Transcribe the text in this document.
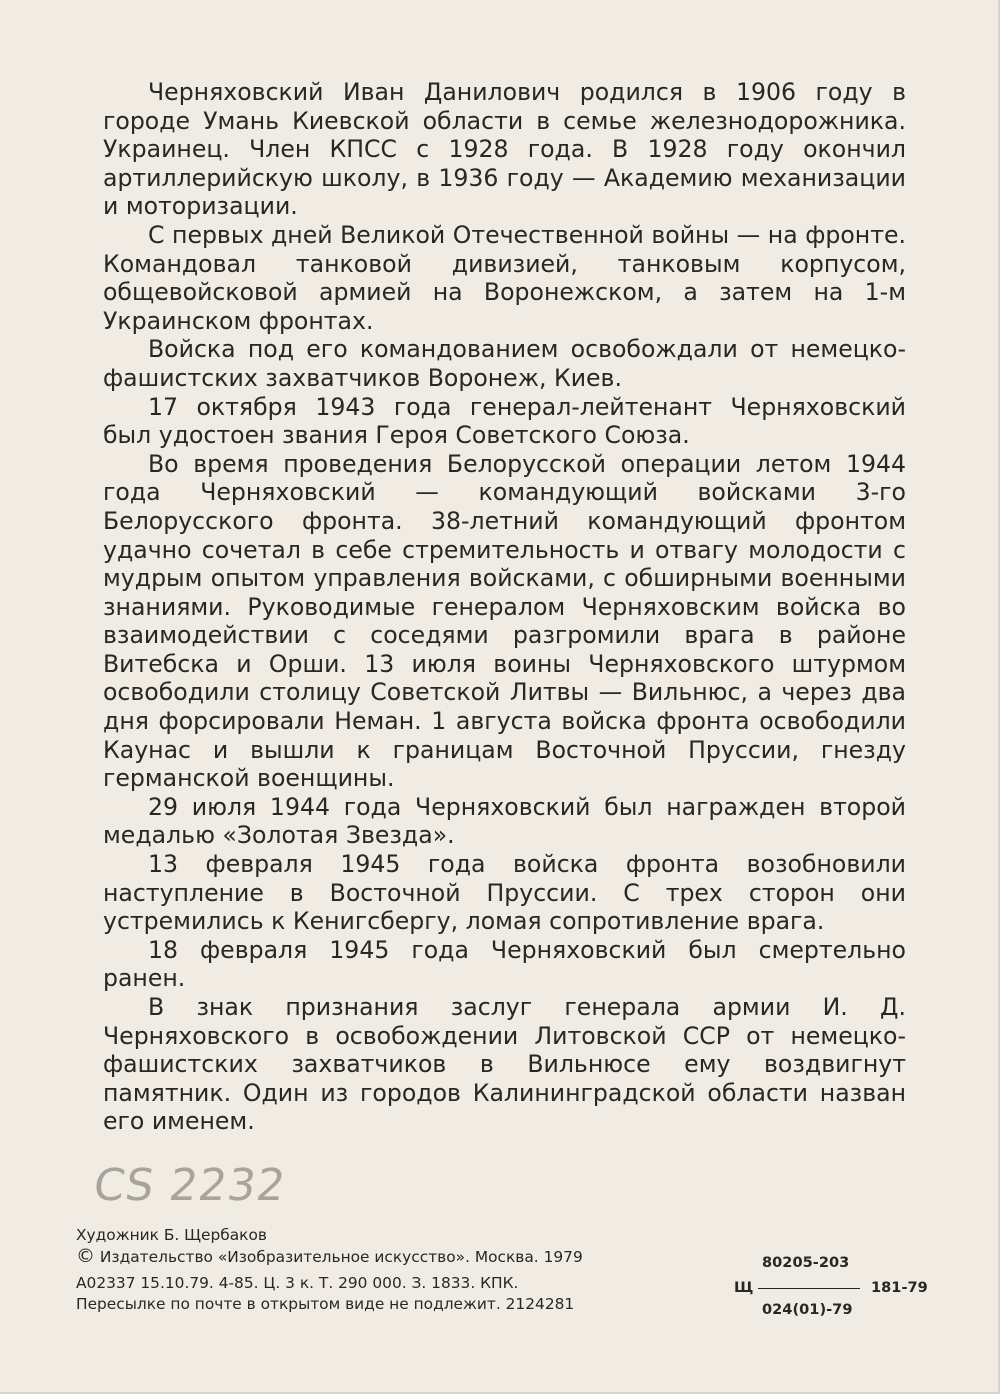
Черняховский Иван Данилович родился в 1906 году в городе Умань Киевской области в семье железнодорожника. Украинец. Член КПСС с 1928 года. В 1928 году окончил артиллерийскую школу, в 1936 году — Академию механизации и моторизации.

С первых дней Великой Отечественной войны — на фронте. Командовал танковой дивизией, танковым корпусом, общевойсковой армией на Воронежском, а затем на 1-м Украинском фронтах.

Войска под его командованием освобождали от немецко-фашистских захватчиков Воронеж, Киев.

17 октября 1943 года генерал-лейтенант Черняховский был удостоен звания Героя Советского Союза.

Во время проведения Белорусской операции летом 1944 года Черняховский — командующий войсками 3-го Белорусского фронта. 38-летний командующий фронтом удачно сочетал в себе стремительность и отвагу молодости с мудрым опытом управления войсками, с обширными военными знаниями. Руководимые генералом Черняховским войска во взаимодействии с соседями разгромили врага в районе Витебска и Орши. 13 июля воины Черняховского штурмом освободили столицу Советской Литвы — Вильнюс, а через два дня форсировали Неман. 1 августа войска фронта освободили Каунас и вышли к границам Восточной Пруссии, гнезду германской военщины.

29 июля 1944 года Черняховский был награжден второй медалью «Золотая Звезда».

13 февраля 1945 года войска фронта возобновили наступление в Восточной Пруссии. С трех сторон они устремились к Кенигсбергу, ломая сопротивление врага.

18 февраля 1945 года Черняховский был смертельно ранен.

В знак признания заслуг генерала армии И. Д. Черняховского в освобождении Литовской ССР от немецко-фашистских захватчиков в Вильнюсе ему воздвигнут памятник. Один из городов Калининградской области назван его именем.

CS 2232
Художник Б. Щербаков
© Издательство «Изобразительное искусство». Москва. 1979
А02337 15.10.79. 4-85. Ц. 3 к. Т. 290 000. З. 1833. КПК.
Пересылке по почте в открытом виде не подлежит. 2124281
80205-203
Щ	181-79
024(01)-79
